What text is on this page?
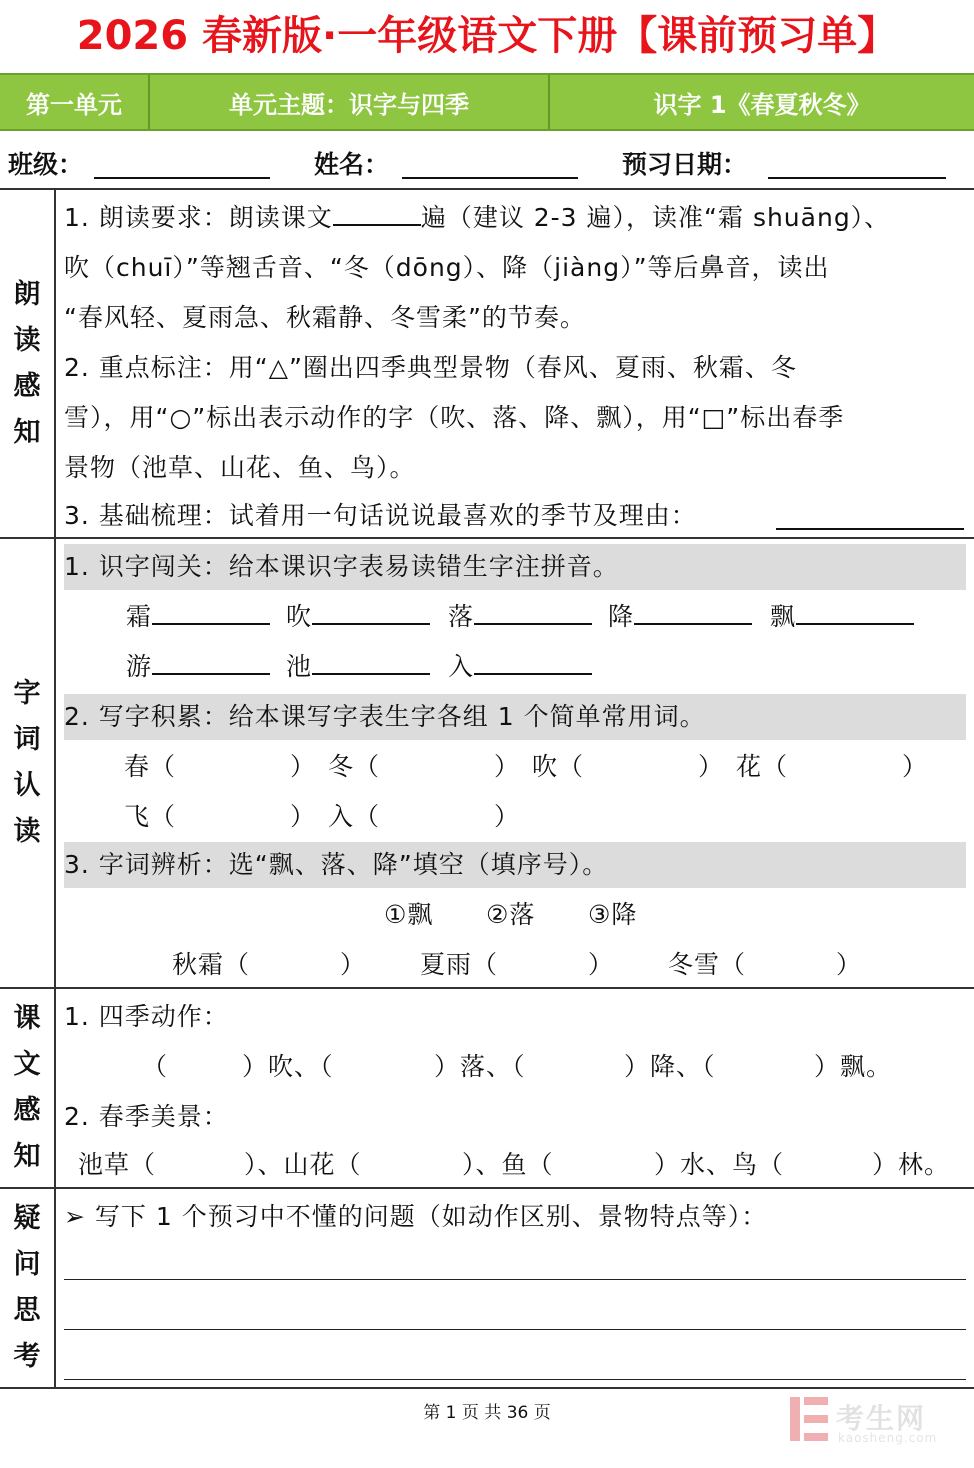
2026 春新版·一年级语文下册【课前预习单】
第一单元	单元主题：识字与四季	识字 1《春夏秋冬》
班级：	姓名：	预习日期：
朗
读
感
知
1. 朗读要求：朗读课文	遍（建议 2-3 遍），读准“霜 shuāng）、
吹（chuī）”等翘舌音、“冬（dōng）、降（jiàng）”等后鼻音，读出
“春风轻、夏雨急、秋霜静、冬雪柔”的节奏。
2. 重点标注：用“△”圈出四季典型景物（春风、夏雨、秋霜、冬
雪），用“○”标出表示动作的字（吹、落、降、飘），用“□”标出春季
景物（池草、山花、鱼、鸟）。
3. 基础梳理：试着用一句话说说最喜欢的季节及理由：
字
词
认
读
1. 识字闯关：给本课识字表易读错生字注拼音。
霜	吹	落	降	飘
游	池	入
2. 写字积累：给本课写字表生字各组 1 个简单常用词。
春（	） 冬（	） 吹（	） 花（	）
飞（	） 入（	）
3. 字词辨析：选“飘、落、降”填空（填序号）。
①飘 ②落 ③降
秋霜（	） 夏雨（	） 冬雪（	）
课
文
感
知
1. 四季动作：
（	）吹、（	）落、（	）降、（	）飘。
2. 春季美景：
池草（	）、山花（	）、鱼（	）水、鸟（	）林。
疑
问
思
考
➢ 写下 1 个预习中不懂的问题（如动作区别、景物特点等）：
第 1 页 共 36 页	考生网
kaosheng.com
